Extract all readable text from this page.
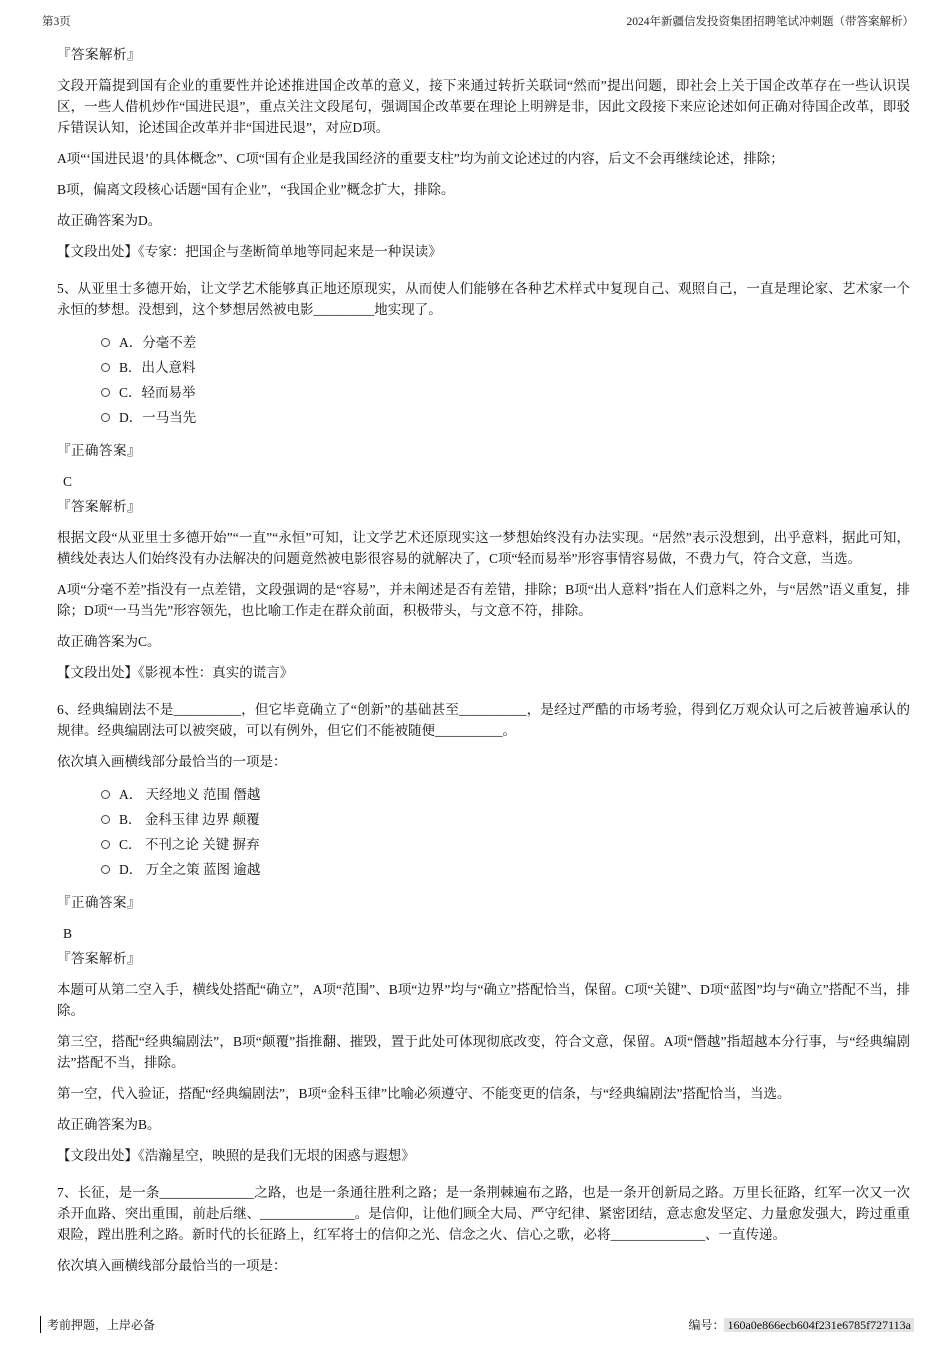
第3页	2024年新疆信发投资集团招聘笔试冲刺题（带答案解析）

『答案解析』

文段开篇提到国有企业的重要性并论述推进国企改革的意义，接下来通过转折关联词“然而”提出问题，即社会上关于国企改革存在一些认识误区，一些人借机炒作“国进民退”，重点关注文段尾句，强调国企改革要在理论上明辨是非，因此文段接下来应论述如何正确对待国企改革，即驳斥错误认知，论述国企改革并非“国进民退”，对应D项。

A项“‘国进民退’的具体概念”、C项“国有企业是我国经济的重要支柱”均为前文论述过的内容，后文不会再继续论述，排除；

B项，偏离文段核心话题“国有企业”，“我国企业”概念扩大，排除。

故正确答案为D。

【文段出处】《专家：把国企与垄断简单地等同起来是一种误读》

5、从亚里士多德开始，让文学艺术能够真正地还原现实，从而使人们能够在各种艺术样式中复现自己、观照自己，一直是理论家、艺术家一个永恒的梦想。没想到，这个梦想居然被电影_________地实现了。

A．分毫不差
B．出人意料
C．轻而易举
D．一马当先

『正确答案』

C

『答案解析』

根据文段“从亚里士多德开始”“一直”“永恒”可知，让文学艺术还原现实这一梦想始终没有办法实现。“居然”表示没想到，出乎意料，据此可知，横线处表达人们始终没有办法解决的问题竟然被电影很容易的就解决了，C项“轻而易举”形容事情容易做，不费力气，符合文意，当选。

A项“分毫不差”指没有一点差错，文段强调的是“容易”，并未阐述是否有差错，排除；B项“出人意料”指在人们意料之外，与“居然”语义重复，排除；D项“一马当先”形容领先，也比喻工作走在群众前面，积极带头，与文意不符，排除。

故正确答案为C。

【文段出处】《影视本性：真实的谎言》

6、经典编剧法不是__________，但它毕竟确立了“创新”的基础甚至__________，是经过严酷的市场考验，得到亿万观众认可之后被普遍承认的规律。经典编剧法可以被突破，可以有例外，但它们不能被随便__________。

依次填入画横线部分最恰当的一项是：

A． 天经地义 范围 僭越
B． 金科玉律 边界 颠覆
C． 不刊之论 关键 摒弃
D． 万全之策 蓝图 逾越

『正确答案』

B

『答案解析』

本题可从第二空入手，横线处搭配“确立”，A项“范围”、B项“边界”均与“确立”搭配恰当，保留。C项“关键”、D项“蓝图”均与“确立”搭配不当，排除。

第三空，搭配“经典编剧法”，B项“颠覆”指推翻、摧毁，置于此处可体现彻底改变，符合文意，保留。A项“僭越”指超越本分行事，与“经典编剧法”搭配不当，排除。

第一空，代入验证，搭配“经典编剧法”，B项“金科玉律”比喻必须遵守、不能变更的信条，与“经典编剧法”搭配恰当，当选。

故正确答案为B。

【文段出处】《浩瀚星空，映照的是我们无垠的困惑与遐想》

7、长征，是一条______________之路，也是一条通往胜利之路；是一条荆棘遍布之路，也是一条开创新局之路。万里长征路，红军一次又一次杀开血路、突出重围，前赴后继、______________。是信仰，让他们顾全大局、严守纪律、紧密团结，意志愈发坚定、力量愈发强大，跨过重重艰险，蹚出胜利之路。新时代的长征路上，红军将士的信仰之光、信念之火、信心之歌，必将______________、一直传递。

依次填入画横线部分最恰当的一项是：

考前押题，上岸必备	编号： 160a0e866ecb604f231e6785f727113a
